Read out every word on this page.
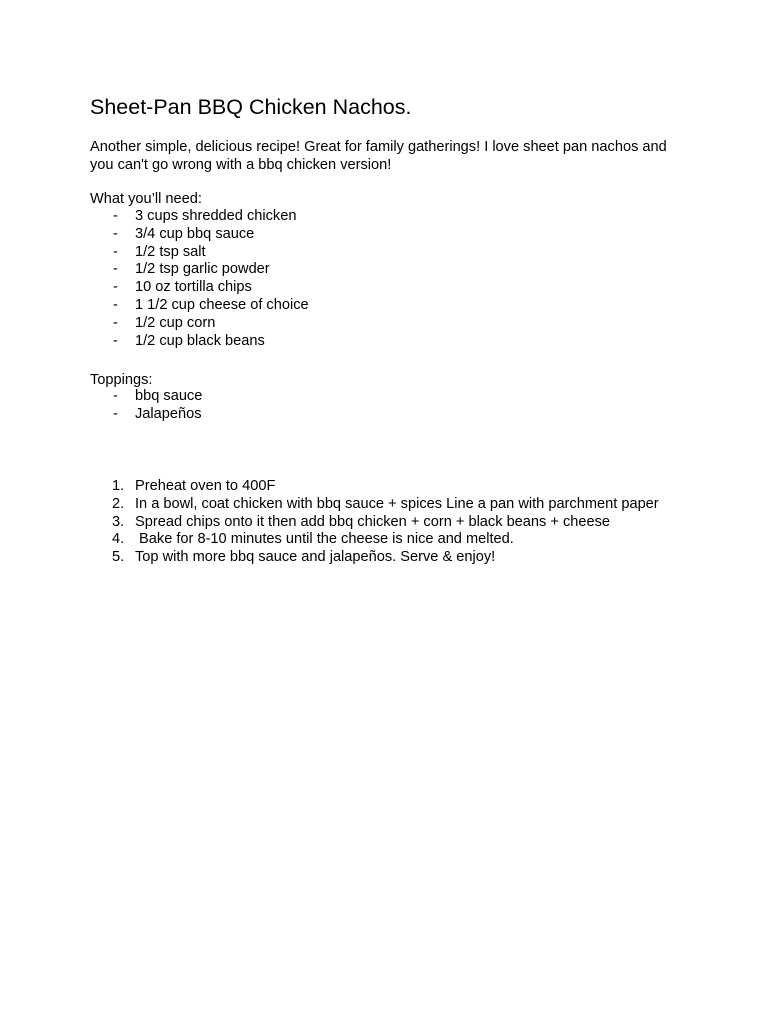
Sheet-Pan BBQ Chicken Nachos.

Another simple, delicious recipe! Great for family gatherings! I love sheet pan nachos and you can't go wrong with a bbq chicken version!

What you’ll need:

- 3 cups shredded chicken
- 3/4 cup bbq sauce
- 1/2 tsp salt
- 1/2 tsp garlic powder
- 10 oz tortilla chips
- 1 1/2 cup cheese of choice
- 1/2 cup corn
- 1/2 cup black beans

Toppings:

- bbq sauce
- Jalapeños
1. Preheat oven to 400F
2. In a bowl, coat chicken with bbq sauce + spices Line a pan with parchment paper
3. Spread chips onto it then add bbq chicken + corn + black beans + cheese
4. Bake for 8-10 minutes until the cheese is nice and melted.
5. Top with more bbq sauce and jalapeños. Serve & enjoy!
